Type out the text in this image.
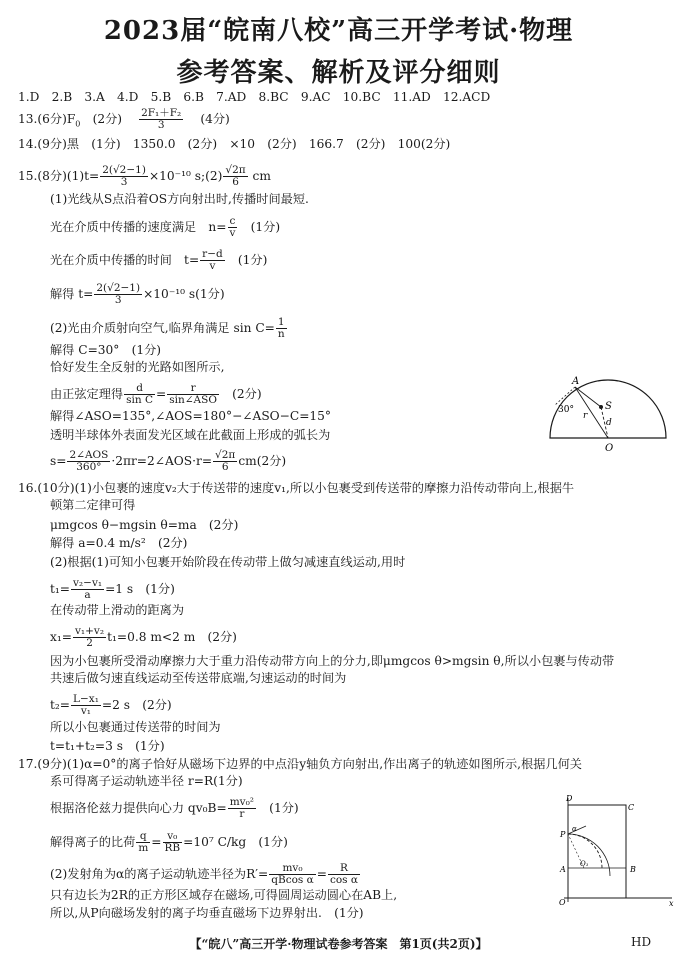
2023届“皖南八校”高三开学考试·物理
参考答案、解析及评分细则
1.D　2.B　3.A　4.D　5.B　6.B　7.AD　8.BC　9.AC　10.BC　11.AD　12.ACD
13.(6分)$F_0$　(2分)　 $\frac{\text{2F₁＋F₂}}{3}$ 　(4分)
14.(9分)黑　(1分)　1350.0　(2分)　×10　(2分)　166.7　(2分)　100(2分)
15.(8分)$(1)t= \frac{2(√2-1)}{3} \times 10^{-10}$ s;(2) $\frac{√2\pi}{6}$ cm
(1)光线从S点沿着OS方向射出时,传播时间最短.
光在介质中传播的速度满足　$n= \frac{c}{v}$ 　(1分)
光在介质中传播的时间　$t= \frac{r-d}{v}$ 　(1分)
解得 $t= \frac{2(√2-1)}{3} \times 10^{-10}$ s(1分)
(2)光由介质射向空气,临界角满足 $\sin C= \frac{1}{n}$
解得 C=30°　(1分)
恰好发生全反射的光路如图所示,
由正弦定理得 $\frac{d}{\text{sin C}} = \frac{r}{\text{sin∠ASO}}$ 　(2分)
解得∠ASO=135°,∠AOS=180°−∠ASO−C=15°
透明半球体外表面发光区域在此截面上形成的弧长为
$s= \frac{\text{2∠AOS}}{360^\circ}$ ·2πr=2∠AOS·r= $\frac{√2\pi}{6} cm(2$分)
A
S
O
r
d
30°
16.(10分)(1)小包裹的速度v₂大于传送带的速度v₁,所以小包裹受到传送带的摩擦力沿传动带向上,根据牛
顿第二定律可得
μmgcos θ−mgsin θ=ma　(2分)
解得 a=0.4 m/s²　(2分)
(2)根据(1)可知小包裹开始阶段在传动带上做匀减速直线运动,用时
$t_1= \frac{\text{v₂−v₁}}{a} =1$ s　(1分)
在传动带上滑动的距离为
$x_1= \frac{\text{v₁+v₂}}{2} t_1=0.8$ m<2 m　(2分)
因为小包裹所受滑动摩擦力大于重力沿传动带方向上的分力,即μmgcos θ>mgsin θ,所以小包裹与传动带
共速后做匀速直线运动至传送带底端,匀速运动的时间为
$t_2= \frac{\text{L−x₁}}{\text{v₁}} =2$ s　(2分)
所以小包裹通过传送带的时间为
t=t₁+t₂=3 s　(1分)
17.(9分)(1)α=0°的离子恰好从磁场下边界的中点沿y轴负方向射出,作出离子的轨迹如图所示,根据几何关
系可得离子运动轨迹半径 r=R(1分)
根据洛伦兹力提供向心力 $qv_0B= \frac{\text{mv₀²}}{r}$ 　(1分)
解得离子的比荷 $\frac{q}{m} = \frac{\text{v₀}}{RB} =10^7$ C/kg　(1分)
(2)发射角为α的离子运动轨迹半径为$R'= \frac{\text{mv₀}}{\text{qBcos α}} = \frac{R}{\text{cos α}}$
只有边长为2R的正方形区域存在磁场,可得圆周运动圆心在AB上,
所以,从P向磁场发射的离子均垂直磁场下边界射出.　(1分)
D
C
P
A	B
O	x
α
O₁
【“皖八”高三开学·物理试卷参考答案　第1页(共2页)】	HD
